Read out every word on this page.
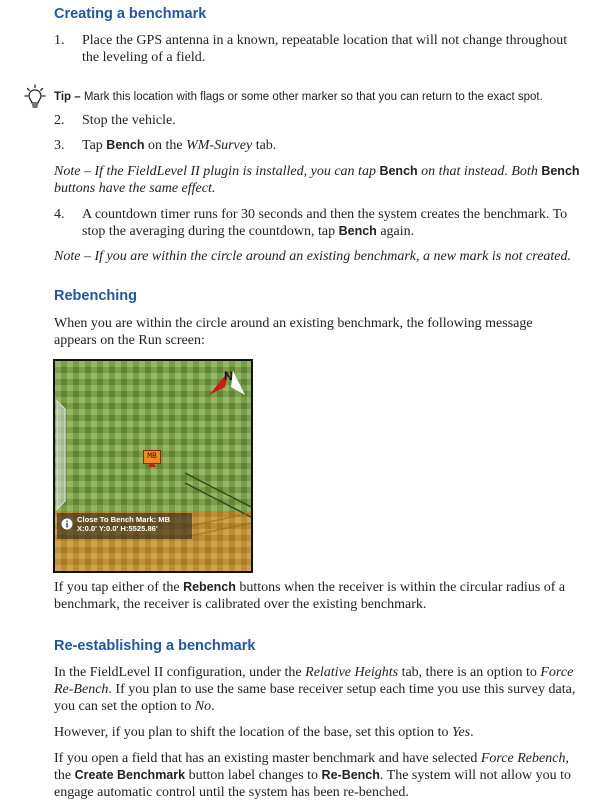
Creating a benchmark
1. Place the GPS antenna in a known, repeatable location that will not change throughout
the leveling of a field.
Tip – Mark this location with flags or some other marker so that you can return to the exact spot.
2. Stop the vehicle.
3. Tap Bench on the WM-Survey tab.
Note – If the FieldLevel II plugin is installed, you can tap Bench on that instead. Both Bench
buttons have the same effect.
4. A countdown timer runs for 30 seconds and then the system creates the benchmark. To
stop the averaging during the countdown, tap Bench again.
Note – If you are within the circle around an existing benchmark, a new mark is not created.
Rebenching
When you are within the circle around an existing benchmark, the following message
appears on the Run screen:
N
MB
Close To Bench Mark: MB
X:0.0' Y:0.0' H:5525.86'
If you tap either of the Rebench buttons when the receiver is within the circular radius of a
benchmark, the receiver is calibrated over the existing benchmark.
Re-establishing a benchmark
In the FieldLevel II configuration, under the Relative Heights tab, there is an option to Force
Re-Bench. If you plan to use the same base receiver setup each time you use this survey data,
you can set the option to No.
However, if you plan to shift the location of the base, set this option to Yes.
If you open a field that has an existing master benchmark and have selected Force Rebench,
the Create Benchmark button label changes to Re-Bench. The system will not allow you to
engage automatic control until the system has been re-benched.
